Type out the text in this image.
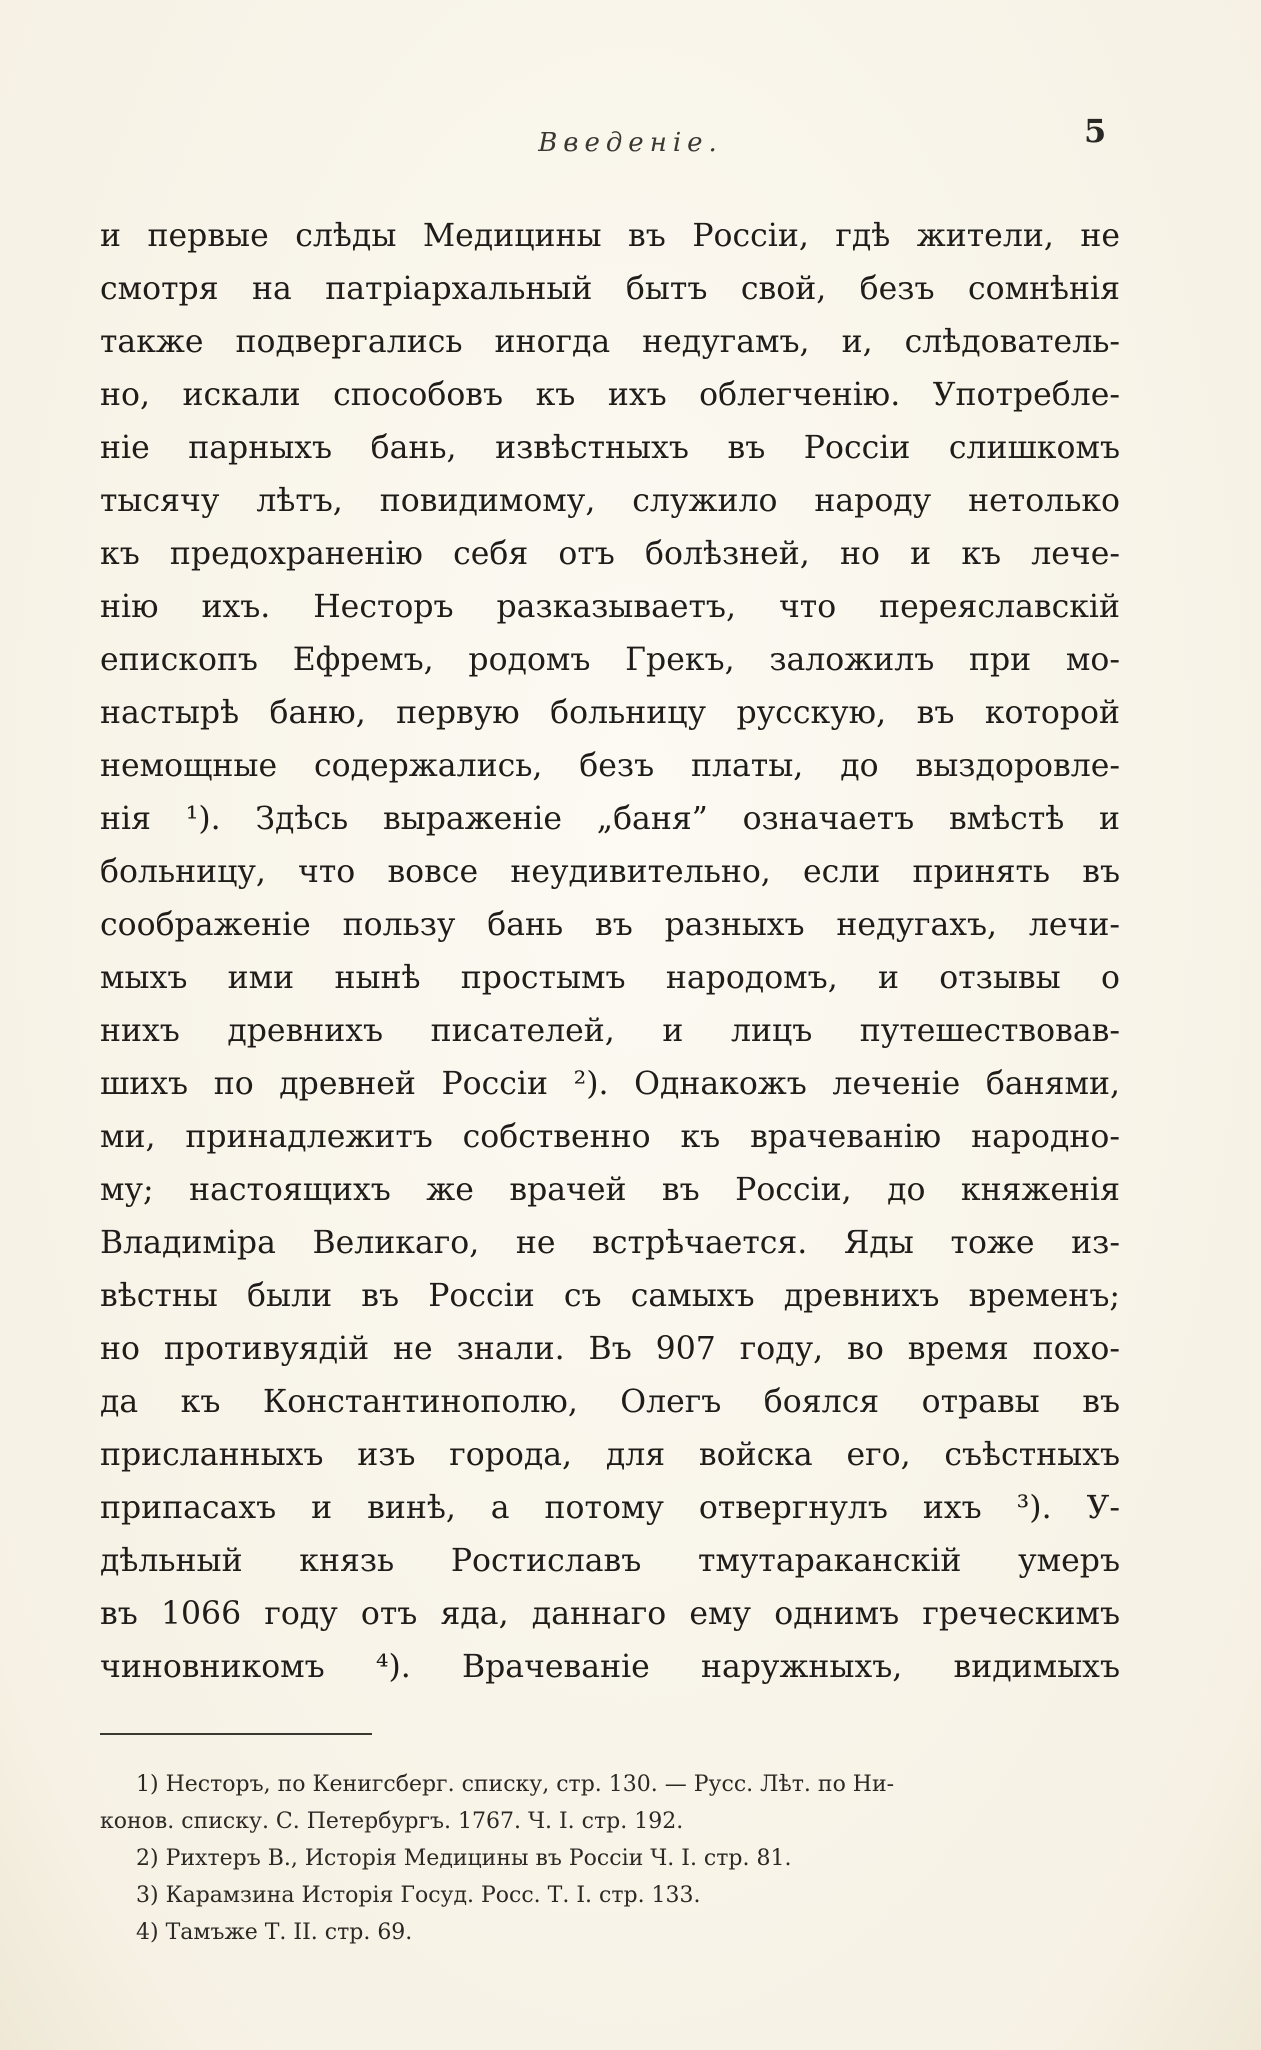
Введеніе.	5
и первые слѣды Медицины въ Россіи, гдѣ жители, не
смотря на патріархальный бытъ свой, безъ сомнѣнія
также подвергались иногда недугамъ, и, слѣдователь-
но, искали способовъ къ ихъ облегченію. Употребле-
ніе парныхъ бань, извѣстныхъ въ Россіи слишкомъ
тысячу лѣтъ, повидимому, служило народу нетолько
къ предохраненію себя отъ болѣзней, но и къ лече-
нію ихъ. Несторъ разказываетъ, что переяславскій
епископъ Ефремъ, родомъ Грекъ, заложилъ при мо-
настырѣ баню, первую больницу русскую, въ которой
немощные содержались, безъ платы, до выздоровле-
нія ¹). Здѣсь выраженіе „баня” означаетъ вмѣстѣ и
больницу, что вовсе неудивительно, если принять въ
соображеніе пользу бань въ разныхъ недугахъ, лечи-
мыхъ ими нынѣ простымъ народомъ, и отзывы о
нихъ древнихъ писателей, и лицъ путешествовав-
шихъ по древней Россіи ²). Однакожъ леченіе банями,
ми, принадлежитъ собственно къ врачеванію народно-
му; настоящихъ же врачей въ Россіи, до княженія
Владиміра Великаго, не встрѣчается. Яды тоже из-
вѣстны были въ Россіи съ самыхъ древнихъ временъ;
но противуядій не знали. Въ 907 году, во время похо-
да къ Константинополю, Олегъ боялся отравы въ
присланныхъ изъ города, для войска его, съѣстныхъ
припасахъ и винѣ, а потому отвергнулъ ихъ ³). У-
дѣльный князь Ростиславъ тмутараканскій умеръ
въ 1066 году отъ яда, даннаго ему однимъ греческимъ
чиновникомъ ⁴). Врачеваніе наружныхъ, видимыхъ
1) Несторъ, по Кенигсберг. списку, стр. 130. — Русс. Лѣт. по Ни-
конов. списку. С. Петербургъ. 1767. Ч. I. стр. 192.
2) Рихтеръ В., Исторія Медицины въ Россіи Ч. I. стр. 81.
3) Карамзина Исторія Госуд. Росс. Т. I. стр. 133.
4) Тамъже Т. II. стр. 69.
